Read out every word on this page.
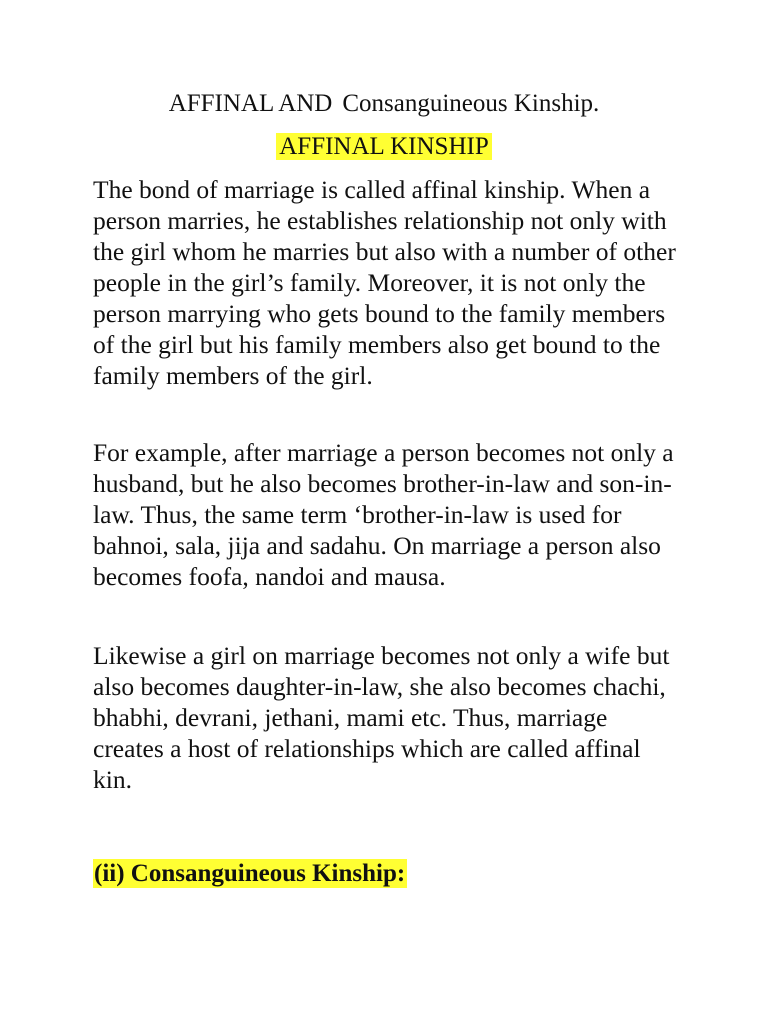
AFFINAL AND Consanguineous Kinship.
AFFINAL KINSHIP

The bond of marriage is called affinal kinship. When a person marries, he establishes relationship not only with the girl whom he marries but also with a number of other people in the girl’s family. Moreover, it is not only the person marrying who gets bound to the family members of the girl but his family members also get bound to the family members of the girl.

For example, after marriage a person becomes not only a husband, but he also becomes brother-in-law and son-in- law. Thus, the same term ‘brother-in-law is used for bahnoi, sala, jija and sadahu. On marriage a person also becomes foofa, nandoi and mausa.

Likewise a girl on marriage becomes not only a wife but also becomes daughter-in-law, she also becomes chachi, bhabhi, devrani, jethani, mami etc. Thus, marriage creates a host of relationships which are called affinal kin.

(ii) Consanguineous Kinship:
